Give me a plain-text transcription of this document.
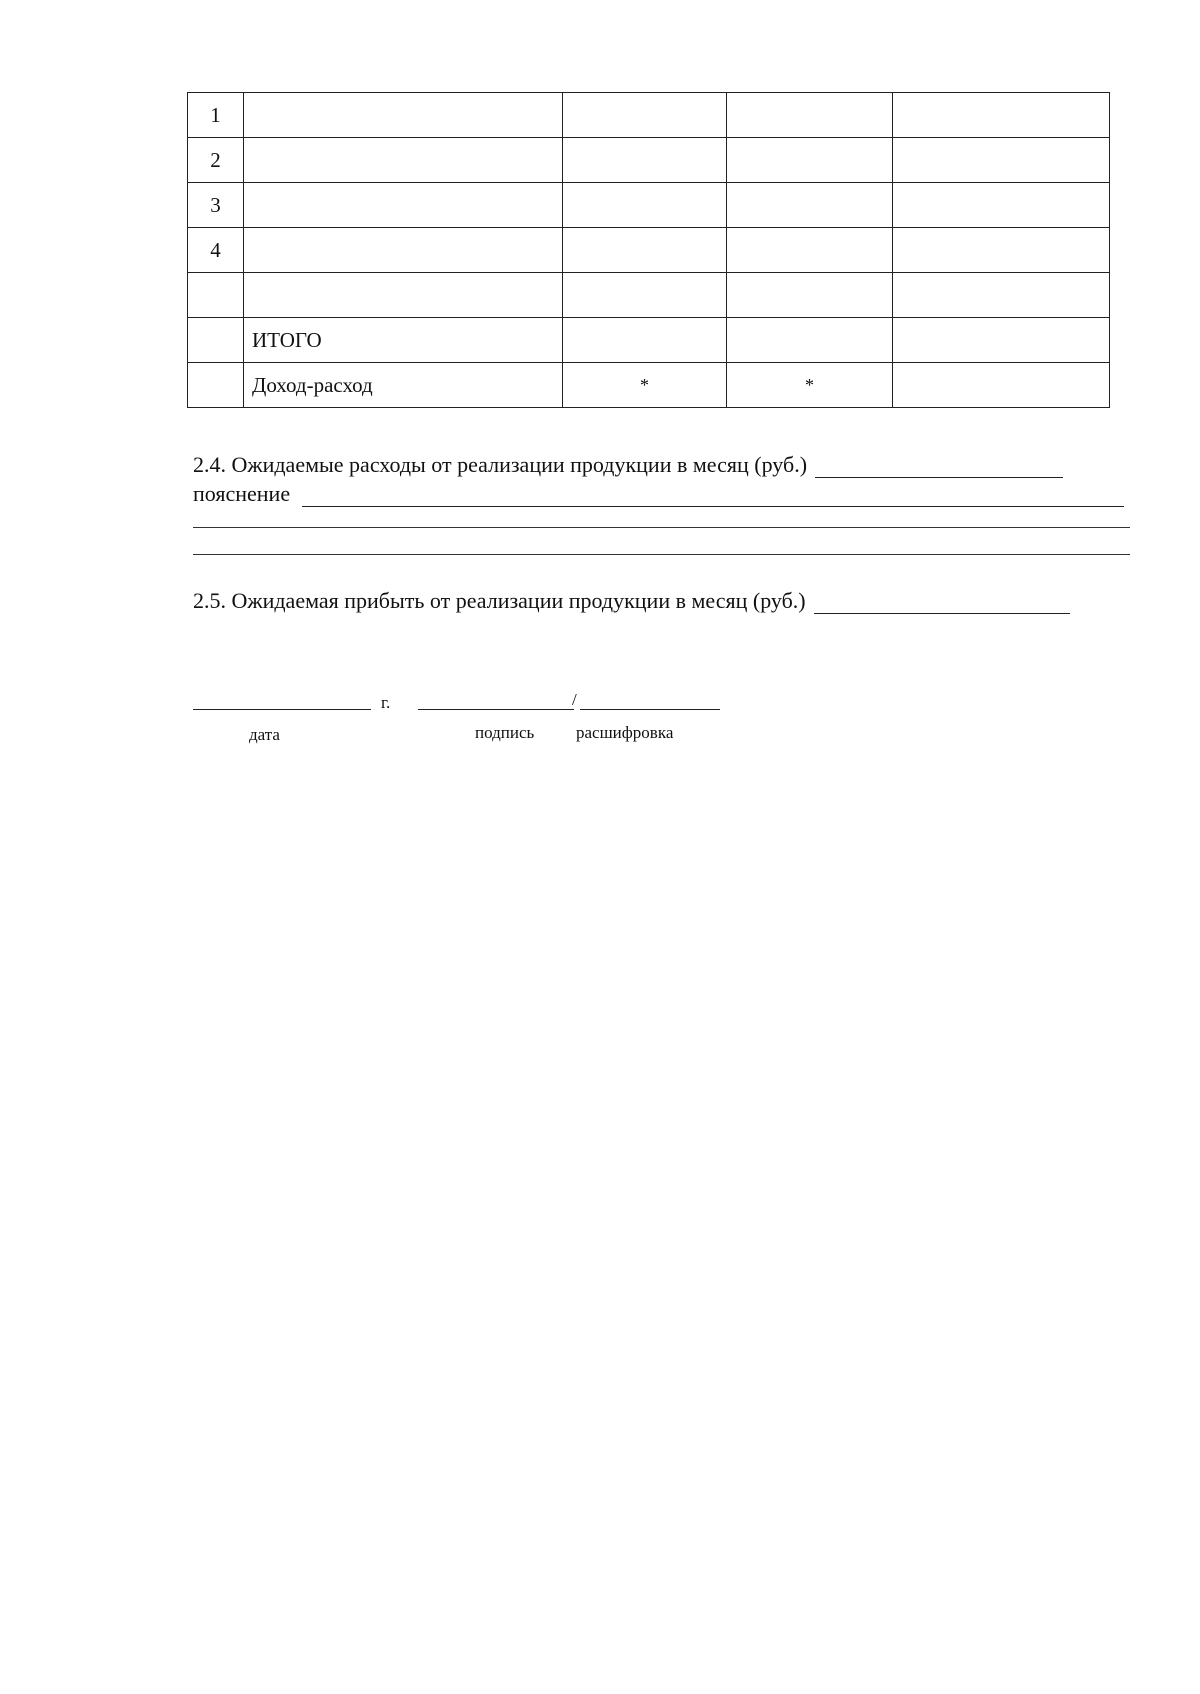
1				
2				
3				
4				

	ИТОГО			
	Доход-расход	*	*	
2.4. Ожидаемые расходы от реализации продукции в месяц (руб.)
пояснение
2.5. Ожидаемая прибыть от реализации продукции в месяц (руб.)
г.	/
дата	подпись расшифровка
